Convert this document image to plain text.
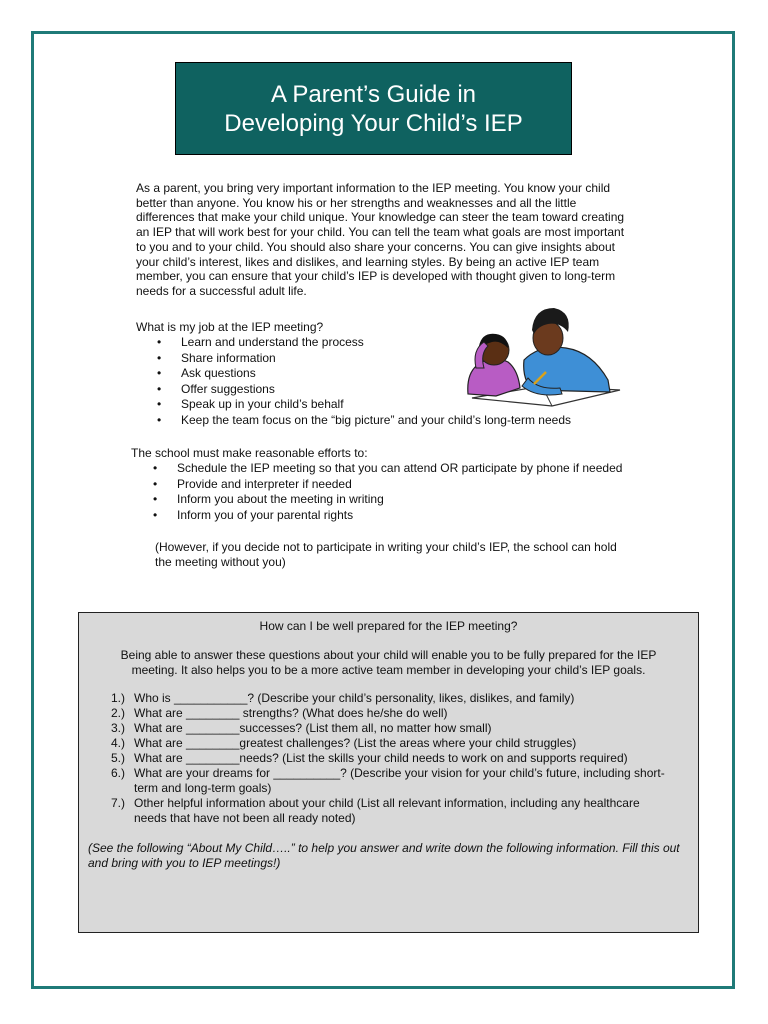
A Parent’s Guide in
Developing Your Child’s IEP

As a parent, you bring very important information to the IEP meeting. You know your child better than anyone. You know his or her strengths and weaknesses and all the little differences that make your child unique. Your knowledge can steer the team toward creating an IEP that will work best for your child. You can tell the team what goals are most important to you and to your child. You should also share your concerns. You can give insights about your child’s interest, likes and dislikes, and learning styles. By being an active IEP team member, you can ensure that your child’s IEP is developed with thought given to long-term needs for a successful adult life.

What is my job at the IEP meeting?

• Learn and understand the process
• Share information
• Ask questions
• Offer suggestions
• Speak up in your child’s behalf
• Keep the team focus on the “big picture” and your child’s long-term needs

The school must make reasonable efforts to:

• Schedule the IEP meeting so that you can attend OR participate by phone if needed
• Provide and interpreter if needed
• Inform you about the meeting in writing
• Inform you of your parental rights

(However, if you decide not to participate in writing your child’s IEP, the school can hold the meeting without you)

How can I be well prepared for the IEP meeting?

Being able to answer these questions about your child will enable you to be fully prepared for the IEP meeting. It also helps you to be a more active team member in developing your child’s IEP goals.

1.) Who is ___________? (Describe your child’s personality, likes, dislikes, and family)
2.) What are ________ strengths? (What does he/she do well)
3.) What are ________successes? (List them all, no matter how small)
4.) What are ________greatest challenges? (List the areas where your child struggles)
5.) What are ________needs? (List the skills your child needs to work on and supports required)
6.) What are your dreams for __________? (Describe your vision for your child’s future, including short-term and long-term goals)
7.) Other helpful information about your child (List all relevant information, including any healthcare needs that have not been all ready noted)

(See the following “About My Child…..” to help you answer and write down the following information. Fill this out and bring with you to IEP meetings!)
